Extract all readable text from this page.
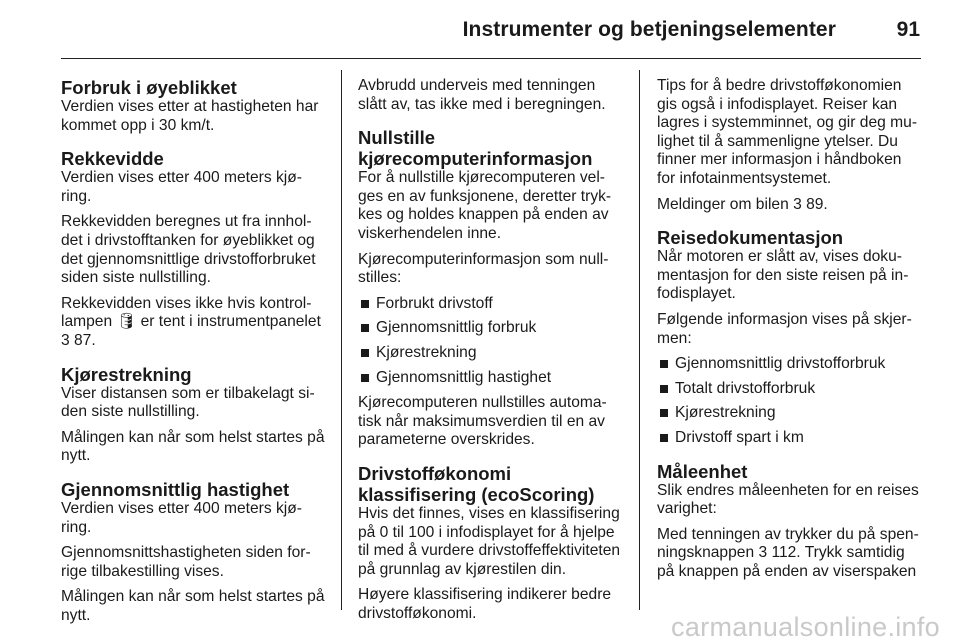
Instrumenter og betjeningselementer	91
Forbruk i øyeblikket

Verdien vises etter at hastigheten har kommet opp i 30 km/t.

Rekkevidde

Verdien vises etter 400 meters kjøring.

Rekkevidden beregnes ut fra innholdet i drivstofftanken for øyeblikket og det gjennomsnittlige drivstofforbruket siden siste nullstilling.

Rekkevidden vises ikke hvis kontrollampen 🛢 er tent i instrumentpanelet 3 87.

Kjørestrekning

Viser distansen som er tilbakelagt siden siste nullstilling.

Målingen kan når som helst startes på nytt.

Gjennomsnittlig hastighet

Verdien vises etter 400 meters kjøring.

Gjennomsnittshastigheten siden forrige tilbakestilling vises.

Målingen kan når som helst startes på nytt.

Avbrudd underveis med tenningen slått av, tas ikke med i beregningen.

Nullstille kjørecomputerinformasjon

For å nullstille kjørecomputeren velges en av funksjonene, deretter trykkes og holdes knappen på enden av viskerhendelen inne.

Kjørecomputerinformasjon som nullstilles:

Forbrukt drivstoff
Gjennomsnittlig forbruk
Kjørestrekning
Gjennomsnittlig hastighet

Kjørecomputeren nullstilles automatisk når maksimumsverdien til en av parameterne overskrides.

Drivstofføkonomi klassifisering (ecoScoring)

Hvis det finnes, vises en klassifisering på 0 til 100 i infodisplayet for å hjelpe til med å vurdere drivstoffeffektiviteten på grunnlag av kjørestilen din.

Høyere klassifisering indikerer bedre drivstofføkonomi.

Tips for å bedre drivstofføkonomien gis også i infodisplayet. Reiser kan lagres i systemminnet, og gir deg mulighet til å sammenligne ytelser. Du finner mer informasjon i håndboken for infotainmentsystemet.

Meldinger om bilen 3 89.

Reisedokumentasjon

Når motoren er slått av, vises dokumentasjon for den siste reisen på infodisplayet.

Følgende informasjon vises på skjermen:

Gjennomsnittlig drivstofforbruk
Totalt drivstofforbruk
Kjørestrekning
Drivstoff spart i km
Måleenhet

Slik endres måleenheten for en reises varighet:

Med tenningen av trykker du på spenningsknappen 3 112. Trykk samtidig på knappen på enden av viserspaken

carmanualsonline.info
